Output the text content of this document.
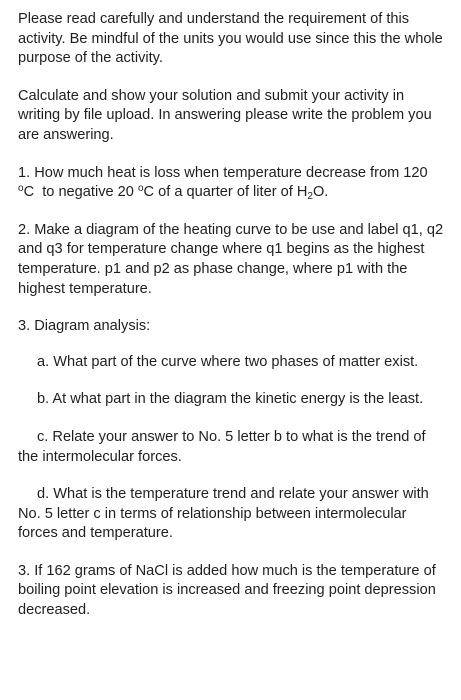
Please read carefully and understand the requirement of this activity. Be mindful of the units you would use since this the whole purpose of the activity.

Calculate and show your solution and submit your activity in writing by file upload. In answering please write the problem you are answering.

1. How much heat is loss when temperature decrease from 120 $^o$C  to negative 20 $^o$C of a quarter of liter of $H_2O$.

2. Make a diagram of the heating curve to be use and label q1, q2 and q3 for temperature change where q1 begins as the highest temperature. p1 and p2 as phase change, where p1 with the highest temperature.

3. Diagram analysis:

a. What part of the curve where two phases of matter exist.

b. At what part in the diagram the kinetic energy is the least.

c. Relate your answer to No. 5 letter b to what is the trend of the intermolecular forces.

d. What is the temperature trend and relate your answer with No. 5 letter c in terms of relationship between intermolecular forces and temperature.

3. If 162 grams of NaCl is added how much is the temperature of boiling point elevation is increased and freezing point depression decreased.
